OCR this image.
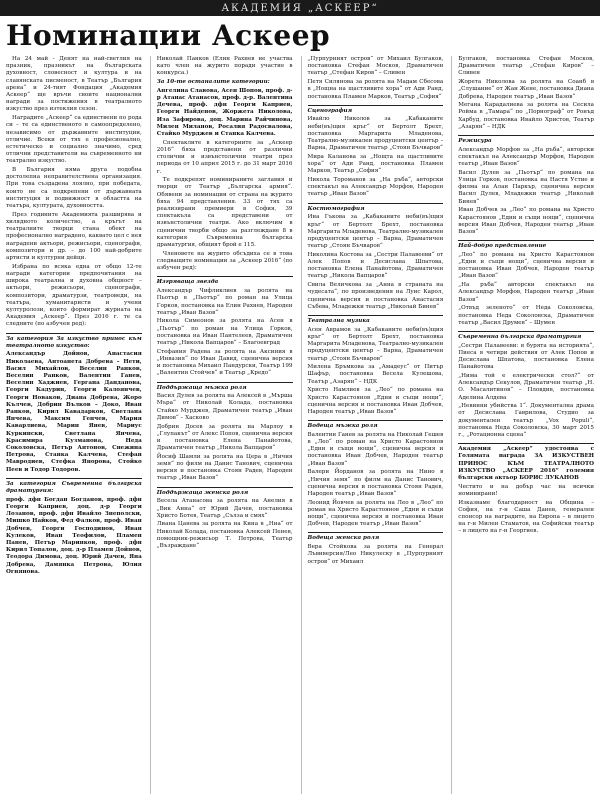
АКАДЕМИЯ „АСКЕЕР“
Номинации Аскеер

На 24 май - Денят на най-светлия на празник, празникът на българската духовност, словесност и култура и на славянската писменост, в Театър „България арена“ и 24-тият Фондация „Академия Аскеер“ ще връчи своите национални награди за постижения в театралното изкуство през изтеклия сезон.

Наградите „Аскеер“ са единствени по рода си – те са единственото в самоопределено, независимо от държавните институции, отличие. Всеки от тях е професионално, естетическо и социално значимо, сред отлични представители на съвременното ни театрално изкуство.

В България няма друга подобна достолепна неправителствена организация. При това създадена лоялно, при победата, които не са подкрепени от държавната институция и подвижност в областта на театъра, културата, духовността.

През годините Академията разширява и хилядното количество, а кръгът на театралните творци стана обект на професионално наградено, каквато цел с нея наградени актьори, режисьори, сценографи, композитори и др. – до 100 най-добрите артисти и културни дейци.

Избрана по всяка една от общо 12-те награди категории предпочитания на широка театрална и духовна общност – актьори, режисьори, сценографи, композитори, драматурзи, театроведи, на театъра, хуманитаристи и учени културолози, които формират журната на Академия „Аскеер“. През 2016 г. те са следните (по азбучен ред):

За категория За изкуство принос към театралното изкуство:

Александър Дойнов, Анастасия Николаева, Антоанета Добрева – Нети, Васил Михайлов, Веселин Ранков, Веселин Ранков, Валентин Ганев, Веселин Хаджиев, Гергана Данданова, Георги Кадурин, Георги Калоянчев, Георги Новаков, Диана Добрева, Жоро Кълчев, Добрин Вълков – Доко, Иван Ранков, Кирил Кавадарков, Светлана Янчева, Максим Генчев, Мария Каварлиева, Марин Янев, Мариус Куркински, Светлана Янчева, Красимира Кузманова, Неда Соколовска, Петър Антонов, Снежина Петрова, Станка Калчева, Стефан Мавродиев, Стефка Янорова, Стойко Пеев и Тодор Тодоров.

За категория Съвременна българска драматургия:

проф. дфн Богдан Богданов, проф. дфн Георги Каприев, доц. д-р Георги Лозанов, проф. дфн Ивайло Знеполски, Мишко Найков, Фед Фалков, проф. Иван Добчев, Георги Господинов, Иван Кулеков, Иван Теофилов, Пламен Панев, Петър Маринков, проф. дфн Кирил Топалов, доц. д-р Пламен Дойнов, Теодора Димова, доц. Юрий Дачев, Яна Добрева, Дамянка Петрова, Юлия Огнянова.

Николай Панков (Елин Рахнев не участва като член на журито поради участие в конкурса.)

За 10-те останалите категории:

Ангелина Славова, Асен Шопов, проф. д-р Атанас Атанасов, проф. д-р. Валентина Дечева, проф. дфн Георги Каприев, Георги Найденов, Жоржета Николова, Иза Зафирова, доц. Марина Райчинова, Милен Миланов, Росалия Радосвалова, Стайко Мурджев и Станка Калчева.

Спектаклите в категориите за „Аскеер 2016“ бяха представени от различни столични и извънстолични театри през периода от 10 април 2015 г. до 31 март 2016 г.

Те подкрепят номинираните заглавия и творци от Театър „Българска армия“. Обявени за номинации от страна на журито бяха 94 представления. 33 от тях са реализирани премиери в София, 39 спектакъла са представени от извънстолични театри. Ако включим в сценични творби общо за разглеждане 8 в категория Съвременна българска драматургия, общият брой е 115.

Членовете на журито обсъдиха се в това следващите номинации за „Аскеер 2016“ (по азбучен ред):

Изгряваща звезда

Александър Чифликлиев за ролята на Пьотър в „Пьотър“ по роман на Улица Горков, постановка на Елин Рахнев, Народен театър „Иван Вазов“

Никола Симеонов за ролята на Асен в „Пьотър“ по роман на Улица Горков, постановка на Иван Пантелеев, Драматичен театър „Никола Вапцаров“ – Благоевград

Стефания Радева за ролята на Аксиния в „Инвазия“ по Иван Давид, сценична версия и постановка Михаил Пандурски, Театър 199 „Валентин Стойчев“ и Театър „Кредо“

Поддържаща мъжка роля

Васил Дулев за ролята на Алексей в „Мърша Мъра“ от Николай Колада, постановка Стайко Мурджев, Драматичен театър „Иван Димов“ – Хасково

Добрин Досев за ролята на Марлоу в „Глупакът“ от Алекс Попов, сценична версия и постановка Елена Панайотова, Драматичен театър „Никола Вапцаров“

Йосиф Шамли за ролята на Цера в „Ничия земя“ по филм на Данис Танович, сценична версия и постановка Стоян Радев, Народен театър „Иван Вазов“

Поддържаща женска роля

Весела Атанасова за ролята на Анелия в „Вик Анна“ от Юрий Дачев, постановка Христо Ботев, Театър „Сълза и смях“

Лиана Цанева за ролята на Кина в „Ниа“ от Николай Колада, постановка Алексей Пенев, помощник-режисьор Т. Петрова, Театър „Възраждане“

„Пурпурният остров“ от Михаил Булгаков, постановка Стефан Москов, Драматичен театър „Стефан Киров“ – Сливен

Петя Силянова за ролята на Мадам Сбесова в „Нощна на щастливите хора“ от Ади Ранд, постановка Пламен Марков, Театър „София“

Сценография

Ивайло Николов за „Кабаканите неби(въ)щия кръг“ от Бертолт Брехт, постановка Маргарита Младенова, Театрално-музикален продуцентски център – Варна, Драматичен театър „Стоян Бъчваров“

Мира Каланова за „Нощта на щастливите хора“ от Ади Ранд, постановка Пламен Марков, Театър „София“

Никола Тороманов за „На ръба“, авторски спектакъл на Александър Морфов, Народен театър „Иван Вазов“

Костюмография

Ина Гъкова за „Кабаканите неби(въ)щия кръг“ от Бертолт Брехт, постановка Маргарита Младенова, Театрално-музикален продуцентски център – Варна, Драматичен театър „Стоян Бъчваров“

Николина Костова за „Сестри Палавееви“ от Алек Попов и Десислава Шпатова, постановка Елена Панайотова, Драматичен театър „Никола Вапцаров“

Свила Величкова за „Анна в страната на чудесата“, по произведения на Луис Карол, сценична версия и постановка Анастасия Събева, Младежки театър „Николай Бинев“

Театрална музика

Асен Аврамов за „Кабаканите неби(въ)щия кръг“ от Бертолт Брехт, постановка Маргарита Младенова, Театрално-музикален продуцентски център – Варна, Драматичен театър „Стоян Бъчваров“

Милена Бръмкова за „Амадеус“ от Питър Шафър, постановка Весела Кулешова, Театър „Азарян“ – НДК

Христо Намлиев за „Лео“ по романа на Христо Карастоянов „Едни и същи нощи“, сценична версия и постановка Иван Добчев, Народен театър „Иван Вазов“

Водеща мъжка роля

Валентин Ганев за ролята на Николай Гешев в „Лео“ по роман на Христо Карастоянов „Едни и същи нощи“, сценична версия и постановка Иван Добчев, Народен театър „Иван Вазов“

Валери Йорданов за ролята на Нино в „Ничия земя“ по филм на Данис Танович, сценична версия и постановка Стоян Радев, Народен театър „Иван Вазов“

Леонид Йовчев за ролята на Лео в „Лео“ по роман на Христо Карастоянов „Едни и същи нощи“, сценична версия и постановка Иван Добчев, Народен театър „Иван Вазов“

Водеща женска роля

Вера Стойкова за ролята на Генерал Лъвиверсия/Лео Никулеску в „Пурпурният остров“ от Михаил

Булгаков, постановка Стефан Москов, Драматичен театър „Стефан Киров“ – Сливен

Жорета Николова за ролята на Соанб в „Слушание“ от Жан Жене, постановка Диана Добрева, Народен театър „Иван Вазов“

Мегана Карадалиева за ролята на Сесила Ройма в „Тамара“ по „Порнограф“ от Ронъд Харбуд, постановка Ивайло Христов, Театър „Азарян“ – НДК

Режисура

Александър Морфов за „На ръба“, авторски спектакъл на Александър Морфов, Народен театър „Иван Вазов“

Васил Дулев за „Пьотър“ по романа на Улица Горков, постановка на Настя Устие и филма на Алан Паркър, сценична версия Васил Дулев, Младежки театър „Николай Бинев“

Иван Добчев за „Лео“ по романа на Христо Карастоянов „Едни и същи нощи“, сценична версия Иван Добчев, Народен театър „Иван Вазов“

Най-добро представление

„Лео“ по романа на Христо Карастоянов „Едни и същи нощи“, сценична версия и постановка Иван Добчев, Народен театър „Иван Вазов“

„На ръба“ авторски спектакъл на Александър Морфов, Народен театър „Иван Вазов“

„Отвъд зеленото“ от Неда Соколовска, постановка Неда Соколовска, Драматичен театър „Васил Друмев“ – Шумен

Съвременна българска драматургия

„Сестри Палавееви: в бурята на историята“, Пиеса в четири действия от Алек Попов и Десислава Шпатова, постановка Елена Панайотова

„Нима той е електрически стол?“ от Александър Секулов, Драматичен театър „Н. О. Масалитинов“ – Пловдив, постановка Аделина Алдева

„Невинни убийства 1“. Документална драма от Десислава Гаврилова, Студио за документален театър „Vox Populi“, постановка Неда Соколовска, 30 март 2015 г., „Ротационна сцена“

Академия „Аскеер“ удостоява с Голямата награда ЗА ИЗКУСТВЕН ПРИНОС КЪМ ТЕАТРАЛНОТО ИЗКУСТВО „АСКЕЕР 2016“ големия български актьор БОРИС ЛУКАНОВ

Честито и на добър час на всички номинирани!

Изказваме благодарност на Община – София, на г-н Саша Данев, генерален спонсор на наградите, на Европа – в лицето на г-н Милен Стаматов, на Софийски театър – в лицето на г-н Георгиев.
